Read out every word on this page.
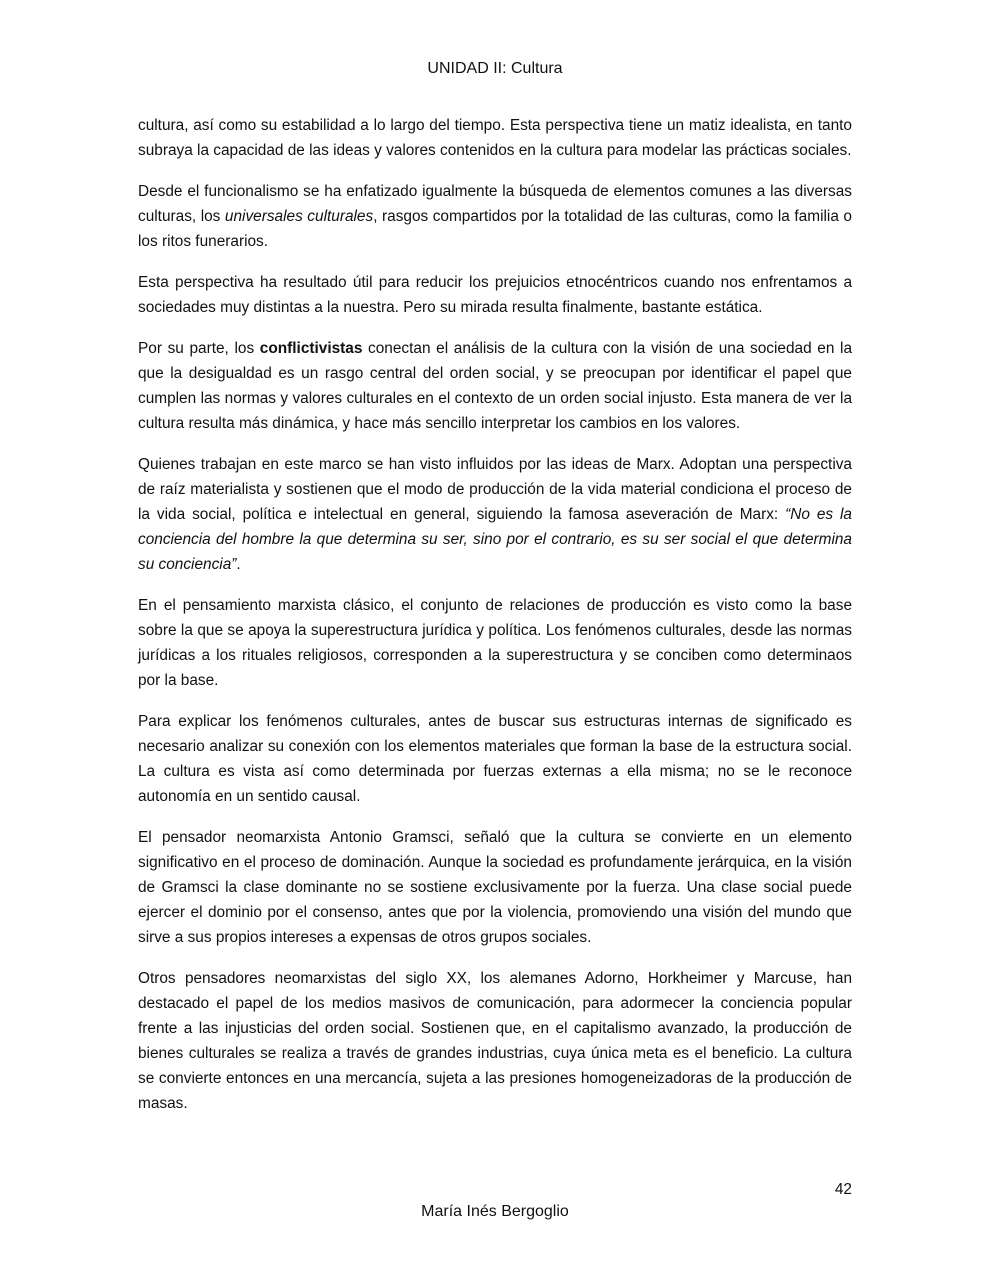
UNIDAD II: Cultura

cultura, así como su estabilidad a lo largo del tiempo. Esta perspectiva tiene un matiz idealista, en tanto subraya la capacidad de las ideas y valores contenidos en la cultura para modelar las prácticas sociales.

Desde el funcionalismo se ha enfatizado igualmente la búsqueda de elementos comunes a las diversas culturas, los universales culturales, rasgos compartidos por la totalidad de las culturas, como la familia o los ritos funerarios.

Esta perspectiva ha resultado útil para reducir los prejuicios etnocéntricos cuando nos enfrentamos a sociedades muy distintas a la nuestra. Pero su mirada resulta finalmente, bastante estática.

Por su parte, los conflictivistas conectan el análisis de la cultura con la visión de una sociedad en la que la desigualdad es un rasgo central del orden social, y se preocupan por identificar el papel que cumplen las normas y valores culturales en el contexto de un orden social injusto. Esta manera de ver la cultura resulta más dinámica, y hace más sencillo interpretar los cambios en los valores.

Quienes trabajan en este marco se han visto influidos por las ideas de Marx. Adoptan una perspectiva de raíz materialista y sostienen que el modo de producción de la vida material condiciona el proceso de la vida social, política e intelectual en general, siguiendo la famosa aseveración de Marx: “No es la conciencia del hombre la que determina su ser, sino por el contrario, es su ser social el que determina su conciencia”.

En el pensamiento marxista clásico, el conjunto de relaciones de producción es visto como la base sobre la que se apoya la superestructura jurídica y política. Los fenómenos culturales, desde las normas jurídicas a los rituales religiosos, corresponden a la superestructura y se conciben como determinaos por la base.

Para explicar los fenómenos culturales, antes de buscar sus estructuras internas de significado es necesario analizar su conexión con los elementos materiales que forman la base de la estructura social. La cultura es vista así como determinada por fuerzas externas a ella misma; no se le reconoce autonomía en un sentido causal.

El pensador neomarxista Antonio Gramsci, señaló que la cultura se convierte en un elemento significativo en el proceso de dominación. Aunque la sociedad es profundamente jerárquica, en la visión de Gramsci la clase dominante no se sostiene exclusivamente por la fuerza. Una clase social puede ejercer el dominio por el consenso, antes que por la violencia, promoviendo una visión del mundo que sirve a sus propios intereses a expensas de otros grupos sociales.

Otros pensadores neomarxistas del siglo XX, los alemanes Adorno, Horkheimer y Marcuse, han destacado el papel de los medios masivos de comunicación, para adormecer la conciencia popular frente a las injusticias del orden social. Sostienen que, en el capitalismo avanzado, la producción de bienes culturales se realiza a través de grandes industrias, cuya única meta es el beneficio. La cultura se convierte entonces en una mercancía, sujeta a las presiones homogeneizadoras de la producción de masas.

42
María Inés Bergoglio
